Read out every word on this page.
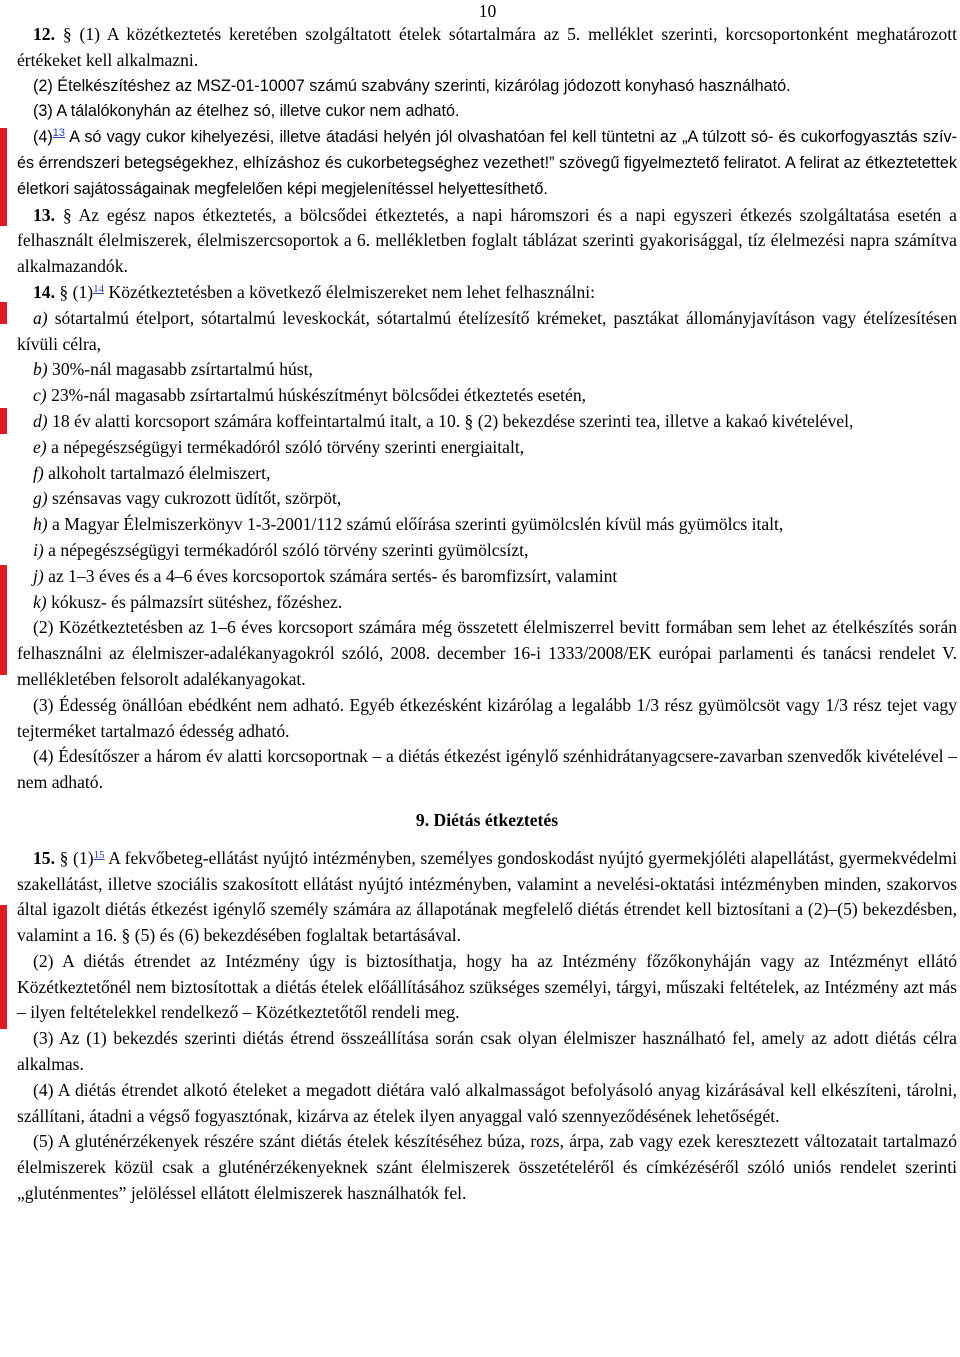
10

12. § (1) A közétkeztetés keretében szolgáltatott ételek sótartalmára az 5. melléklet szerinti, korcsoportonként meghatározott értékeket kell alkalmazni.

(2) Ételkészítéshez az MSZ-01-10007 számú szabvány szerinti, kizárólag jódozott konyhasó használható.

(3) A tálalókonyhán az ételhez só, illetve cukor nem adható.

(4)$^{13}$ A só vagy cukor kihelyezési, illetve átadási helyén jól olvashatóan fel kell tüntetni az „A túlzott só- és cukorfogyasztás szív- és érrendszeri betegségekhez, elhízáshoz és cukorbetegséghez vezethet!” szövegű figyelmeztető feliratot. A felirat az étkeztetettek életkori sajátosságainak megfelelően képi megjelenítéssel helyettesíthető.

13. § Az egész napos étkeztetés, a bölcsődei étkeztetés, a napi háromszori és a napi egyszeri étkezés szolgáltatása esetén a felhasznált élelmiszerek, élelmiszercsoportok a 6. mellékletben foglalt táblázat szerinti gyakorisággal, tíz élelmezési napra számítva alkalmazandók.

14. § (1)$^{14}$ Közétkeztetésben a következő élelmiszereket nem lehet felhasználni:

a) sótartalmú ételport, sótartalmú leveskockát, sótartalmú ételízesítő krémeket, pasztákat állományjavításon vagy ételízesítésen kívüli célra,

b) 30%-nál magasabb zsírtartalmú húst,

c) 23%-nál magasabb zsírtartalmú húskészítményt bölcsődei étkeztetés esetén,

d) 18 év alatti korcsoport számára koffeintartalmú italt, a 10. § (2) bekezdése szerinti tea, illetve a kakaó kivételével,

e) a népegészségügyi termékadóról szóló törvény szerinti energiaitalt,

f) alkoholt tartalmazó élelmiszert,

g) szénsavas vagy cukrozott üdítőt, szörpöt,

h) a Magyar Élelmiszerkönyv 1-3-2001/112 számú előírása szerinti gyümölcslén kívül más gyümölcs italt,

i) a népegészségügyi termékadóról szóló törvény szerinti gyümölcsízt,

j) az 1–3 éves és a 4–6 éves korcsoportok számára sertés- és baromfizsírt, valamint

k) kókusz- és pálmazsírt sütéshez, főzéshez.

(2) Közétkeztetésben az 1–6 éves korcsoport számára még összetett élelmiszerrel bevitt formában sem lehet az ételkészítés során felhasználni az élelmiszer-adalékanyagokról szóló, 2008. december 16-i 1333/2008/EK európai parlamenti és tanácsi rendelet V. mellékletében felsorolt adalékanyagokat.

(3) Édesség önállóan ebédként nem adható. Egyéb étkezésként kizárólag a legalább 1/3 rész gyümölcsöt vagy 1/3 rész tejet vagy tejterméket tartalmazó édesség adható.

(4) Édesítőszer a három év alatti korcsoportnak – a diétás étkezést igénylő szénhidrátanyagcsere-zavarban szenvedők kivételével – nem adható.

9. Diétás étkeztetés

15. § (1)$^{15}$ A fekvőbeteg-ellátást nyújtó intézményben, személyes gondoskodást nyújtó gyermekjóléti alapellátást, gyermekvédelmi szakellátást, illetve szociális szakosított ellátást nyújtó intézményben, valamint a nevelési-oktatási intézményben minden, szakorvos által igazolt diétás étkezést igénylő személy számára az állapotának megfelelő diétás étrendet kell biztosítani a (2)–(5) bekezdésben, valamint a 16. § (5) és (6) bekezdésében foglaltak betartásával.

(2) A diétás étrendet az Intézmény úgy is biztosíthatja, hogy ha az Intézmény főzőkonyháján vagy az Intézményt ellátó Közétkeztetőnél nem biztosítottak a diétás ételek előállításához szükséges személyi, tárgyi, műszaki feltételek, az Intézmény azt más – ilyen feltételekkel rendelkező – Közétkeztetőtől rendeli meg.

(3) Az (1) bekezdés szerinti diétás étrend összeállítása során csak olyan élelmiszer használható fel, amely az adott diétás célra alkalmas.

(4) A diétás étrendet alkotó ételeket a megadott diétára való alkalmasságot befolyásoló anyag kizárásával kell elkészíteni, tárolni, szállítani, átadni a végső fogyasztónak, kizárva az ételek ilyen anyaggal való szennyeződésének lehetőségét.

(5) A gluténérzékenyek részére szánt diétás ételek készítéséhez búza, rozs, árpa, zab vagy ezek keresztezett változatait tartalmazó élelmiszerek közül csak a gluténérzékenyeknek szánt élelmiszerek összetételéről és címkézéséről szóló uniós rendelet szerinti „gluténmentes” jelöléssel ellátott élelmiszerek használhatók fel.
